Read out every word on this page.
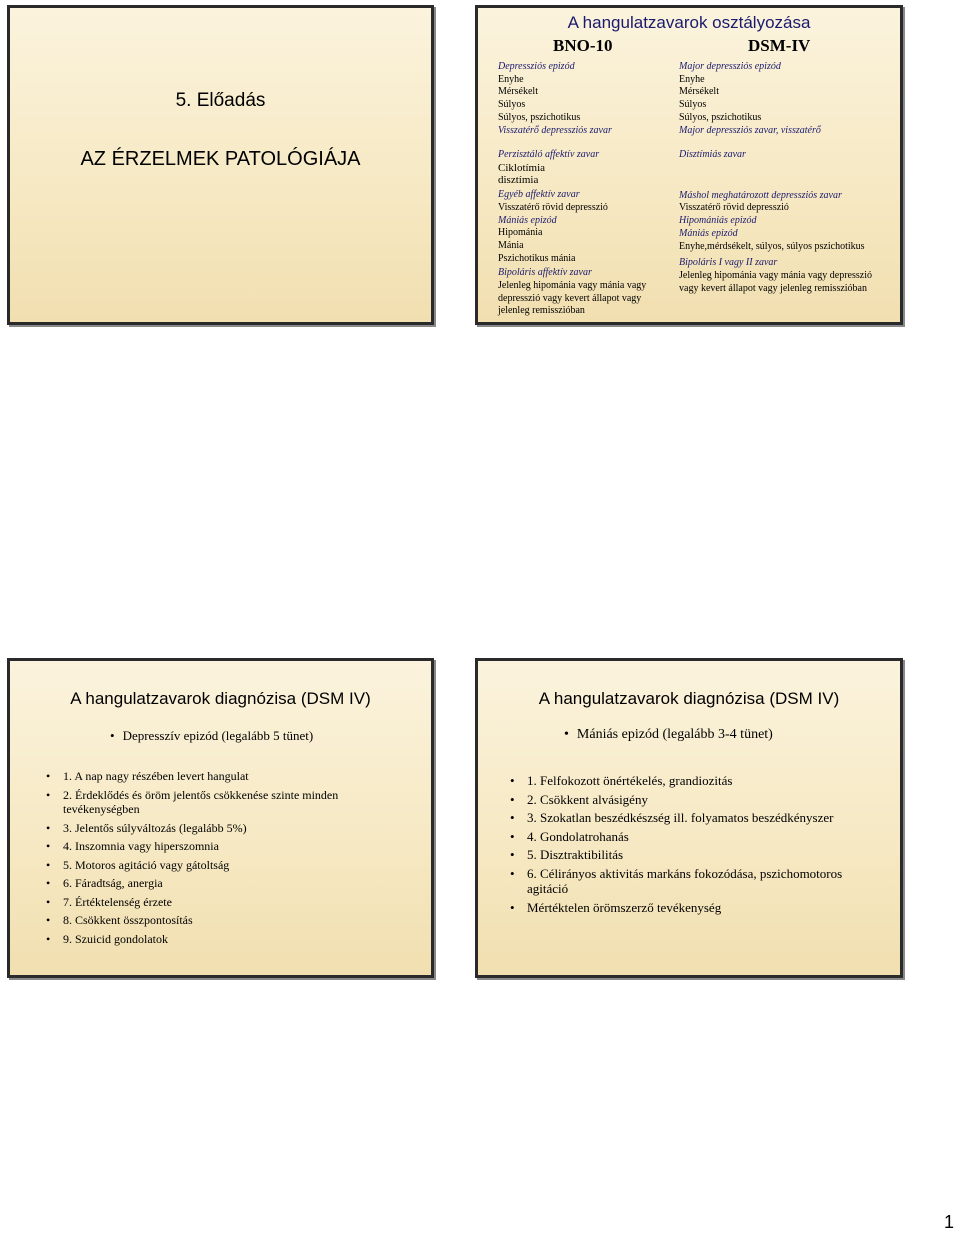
5. Előadás
AZ ÉRZELMEK PATOLÓGIÁJA
A hangulatzavarok osztályozása
BNO-10	DSM-IV
Depressziós epizód
Enyhe
Mérsékelt
Súlyos
Súlyos, pszichotikus
Visszatérő depressziós zavar
Perzisztáló affektív zavar
Ciklotímia
disztímia
Egyéb affektív zavar
Visszatérő rövid depresszió
Mániás epizód
Hipománia
Mánia
Pszichotikus mánia
Bipoláris affektív zavar
Jelenleg hipománia vagy mánia vagy depresszió vagy kevert állapot vagy jelenleg remisszióban
Major depressziós epizód
Enyhe
Mérsékelt
Súlyos
Súlyos, pszichotikus
Major depressziós zavar, visszatérő
Disztímiás zavar
Máshol meghatározott depressziós zavar
Visszatérő rövid depresszió
Hipomániás epizód
Mániás epizód
Enyhe,mérdsékelt, súlyos, súlyos pszichotikus
Bipoláris I vagy II zavar
Jelenleg hipománia vagy mánia vagy depresszió vagy kevert állapot vagy jelenleg remisszióban
A hangulatzavarok diagnózisa (DSM IV)
• Depresszív epizód (legalább 5 tünet)
• 1. A nap nagy részében levert hangulat
• 2. Érdeklődés és öröm jelentős csökkenése szinte minden tevékenységben
• 3. Jelentős súlyváltozás (legalább 5%)
• 4. Inszomnia vagy hiperszomnia
• 5. Motoros agitáció vagy gátoltság
• 6. Fáradtság, anergia
• 7. Értéktelenség érzete
• 8. Csökkent összpontosítás
• 9. Szuicid gondolatok
A hangulatzavarok diagnózisa (DSM IV)
• Mániás epizód (legalább 3-4 tünet)
• 1. Felfokozott önértékelés, grandiozitás
• 2. Csökkent alvásigény
• 3. Szokatlan beszédkészség ill. folyamatos beszédkényszer
• 4. Gondolatrohanás
• 5. Disztraktibilitás
• 6. Célirányos aktivitás markáns fokozódása, pszichomotoros agitáció
• Mértéktelen örömszerző tevékenység
1
